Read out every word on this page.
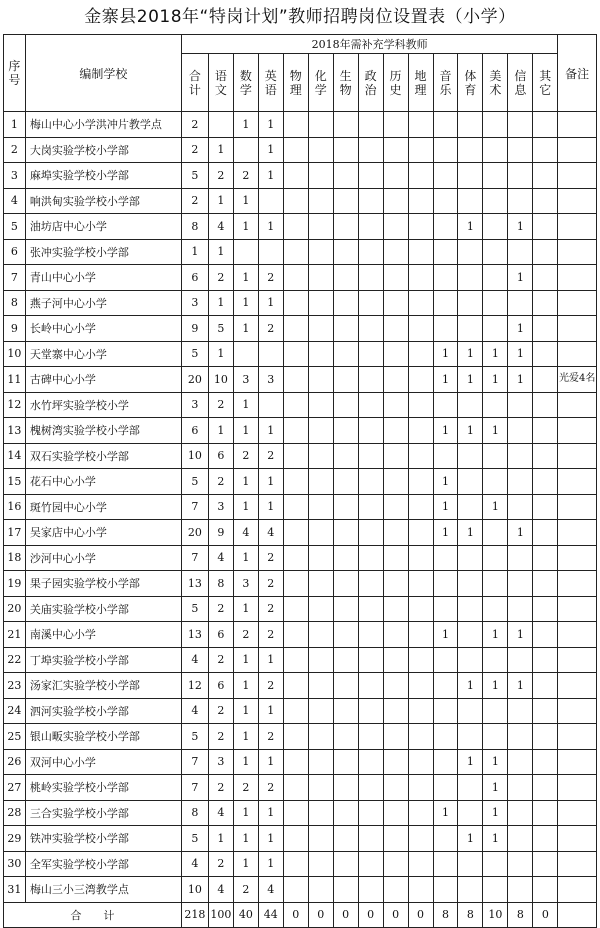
金寨县2018年“特岗计划”教师招聘岗位设置表（小学）
序号	编制学校	2018年需补充学科教师															备注
		合计	语文	数学	英语	物理	化学	生物	政治	历史	地理	音乐	体育	美术	信息	其它	
1	梅山中心小学洪冲片教学点	2		1	1												
2	大岗实验学校小学部	2	1		1												
3	麻埠实验学校小学部	5	2	2	1												
4	响洪甸实验学校小学部	2	1	1													
5	油坊店中心小学	8	4	1	1								1		1		
6	张冲实验学校小学部	1	1														
7	青山中心小学	6	2	1	2										1		
8	燕子河中心小学	3	1	1	1												
9	长岭中心小学	9	5	1	2										1		
10	天堂寨中心小学	5	1									1	1	1	1		
11	古碑中心小学	20	10	3	3							1	1	1	1		光爱4名
12	水竹坪实验学校小学	3	2	1													
13	槐树湾实验学校小学部	6	1	1	1							1	1	1			
14	双石实验学校小学部	10	6	2	2												
15	花石中心小学	5	2	1	1							1					
16	斑竹园中心小学	7	3	1	1							1		1			
17	吴家店中心小学	20	9	4	4							1	1		1		
18	沙河中心小学	7	4	1	2												
19	果子园实验学校小学部	13	8	3	2												
20	关庙实验学校小学部	5	2	1	2												
21	南溪中心小学	13	6	2	2							1		1	1		
22	丁埠实验学校小学部	4	2	1	1												
23	汤家汇实验学校小学部	12	6	1	2								1	1	1		
24	泗河实验学校小学部	4	2	1	1												
25	银山畈实验学校小学部	5	2	1	2												
26	双河中心小学	7	3	1	1								1	1			
27	桃岭实验学校小学部	7	2	2	2									1			
28	三合实验学校小学部	8	4	1	1							1		1			
29	铁冲实验学校小学部	5	1	1	1								1	1			
30	全军实验学校小学部	4	2	1	1												
31	梅山三小三湾教学点	10	4	2	4												
合　　计		218	100	40	44	0	0	0	0	0	0	8	8	10	8	0	
